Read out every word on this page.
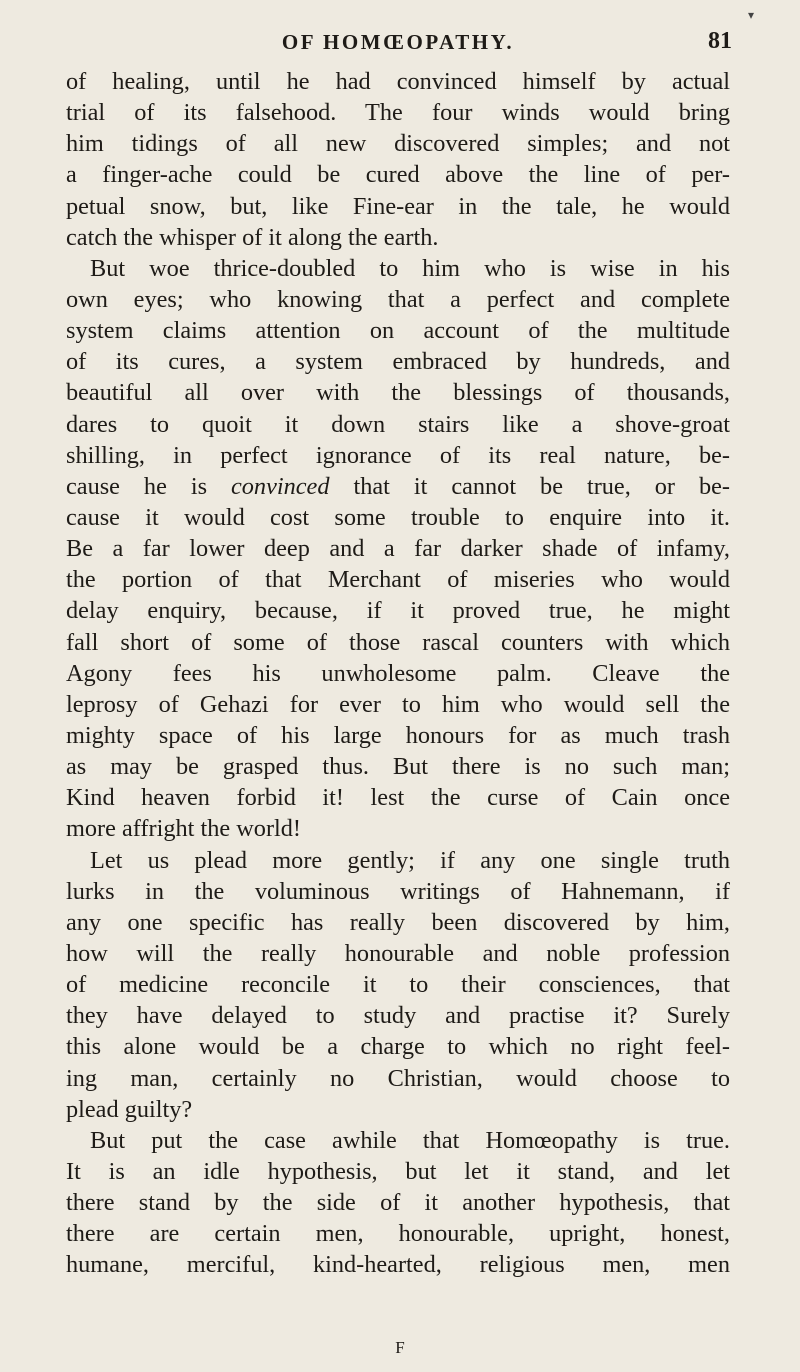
OF HOMŒOPATHY.	81
▾
of healing, until he had convinced himself by actual
trial of its falsehood. The four winds would bring
him tidings of all new discovered simples; and not
a finger-ache could be cured above the line of per-
petual snow, but, like Fine-ear in the tale, he would
catch the whisper of it along the earth.
But woe thrice-doubled to him who is wise in his
own eyes; who knowing that a perfect and complete
system claims attention on account of the multitude
of its cures, a system embraced by hundreds, and
beautiful all over with the blessings of thousands,
dares to quoit it down stairs like a shove-groat
shilling, in perfect ignorance of its real nature, be-
cause he is convinced that it cannot be true, or be-
cause it would cost some trouble to enquire into it.
Be a far lower deep and a far darker shade of infamy,
the portion of that Merchant of miseries who would
delay enquiry, because, if it proved true, he might
fall short of some of those rascal counters with which
Agony fees his unwholesome palm. Cleave the
leprosy of Gehazi for ever to him who would sell the
mighty space of his large honours for as much trash
as may be grasped thus. But there is no such man;
Kind heaven forbid it! lest the curse of Cain once
more affright the world!
Let us plead more gently; if any one single truth
lurks in the voluminous writings of Hahnemann, if
any one specific has really been discovered by him,
how will the really honourable and noble profession
of medicine reconcile it to their consciences, that
they have delayed to study and practise it? Surely
this alone would be a charge to which no right feel-
ing man, certainly no Christian, would choose to
plead guilty?
But put the case awhile that Homœopathy is true.
It is an idle hypothesis, but let it stand, and let
there stand by the side of it another hypothesis, that
there are certain men, honourable, upright, honest,
humane, merciful, kind-hearted, religious men, men
F
